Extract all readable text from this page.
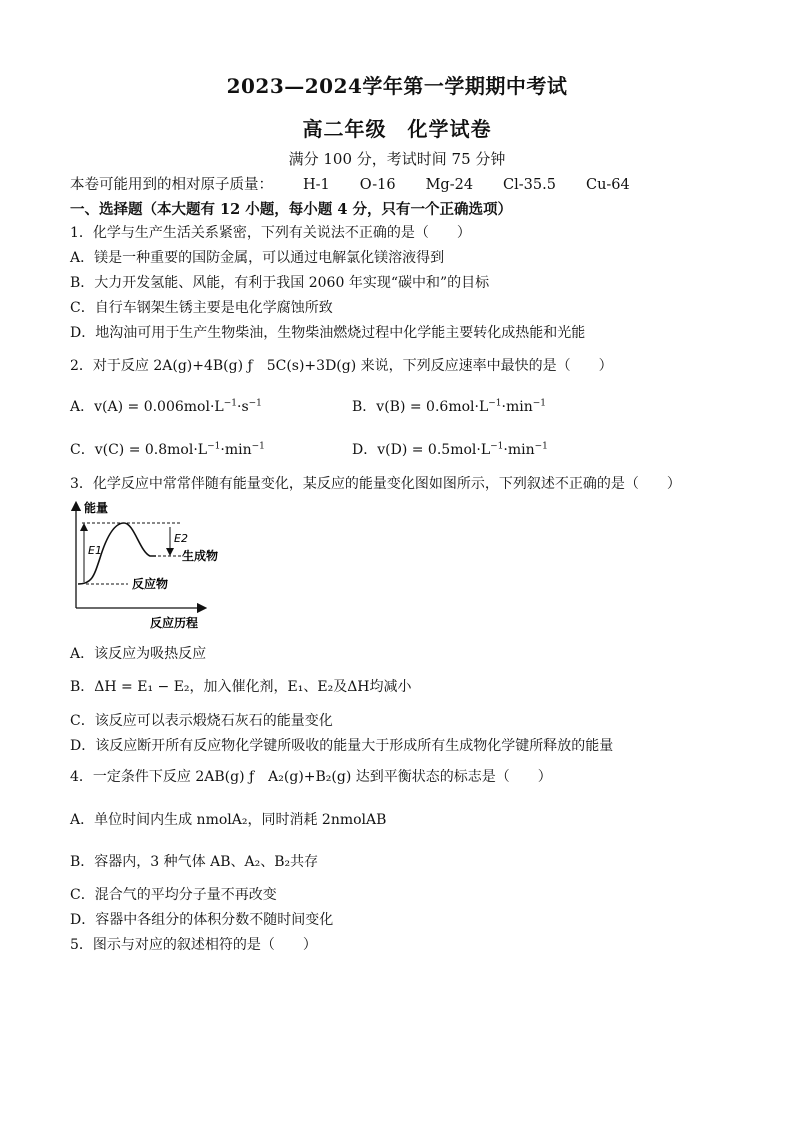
2023—2024学年第一学期期中考试
高二年级　化学试卷
满分 100 分，考试时间 75 分钟
本卷可能用到的相对原子质量： H-1 O-16 Mg-24 Cl-35.5 Cu-64
一、选择题（本大题有 12 小题，每小题 4 分，只有一个正确选项）
1．化学与生产生活关系紧密，下列有关说法不正确的是（　　）
A．镁是一种重要的国防金属，可以通过电解氯化镁溶液得到
B．大力开发氢能、风能，有利于我国 2060 年实现“碳中和”的目标
C．自行车钢架生锈主要是电化学腐蚀所致
D．地沟油可用于生产生物柴油，生物柴油燃烧过程中化学能主要转化成热能和光能
2．对于反应 2A(g)+4B(g) ƒ　5C(s)+3D(g) 来说，下列反应速率中最快的是（　　）
A．$v(A) = 0.006mol\cdot L^{-1}\cdot s^{-1}$	B．$v(B) = 0.6mol\cdot L^{-1}\cdot\min^{-1}$
C．$v(C) = 0.8mol\cdot L^{-1}\cdot\min^{-1}$	D．$v(D) = 0.5mol\cdot L^{-1}\cdot\min^{-1}$
3．化学反应中常常伴随有能量变化，某反应的能量变化图如图所示，下列叙述不正确的是（　　）
能量
反应历程
E1
E2
生成物
反应物
A．该反应为吸热反应
B．ΔH = E₁ − E₂，加入催化剂，E₁、E₂及ΔH均减小
C．该反应可以表示煅烧石灰石的能量变化
D．该反应断开所有反应物化学键所吸收的能量大于形成所有生成物化学键所释放的能量
4．一定条件下反应 2AB(g) ƒ　A₂(g)+B₂(g) 达到平衡状态的标志是（　　）
A．单位时间内生成 nmolA₂，同时消耗 2nmolAB
B．容器内，3 种气体 AB、A₂、B₂共存
C．混合气的平均分子量不再改变
D．容器中各组分的体积分数不随时间变化
5．图示与对应的叙述相符的是（　　）
